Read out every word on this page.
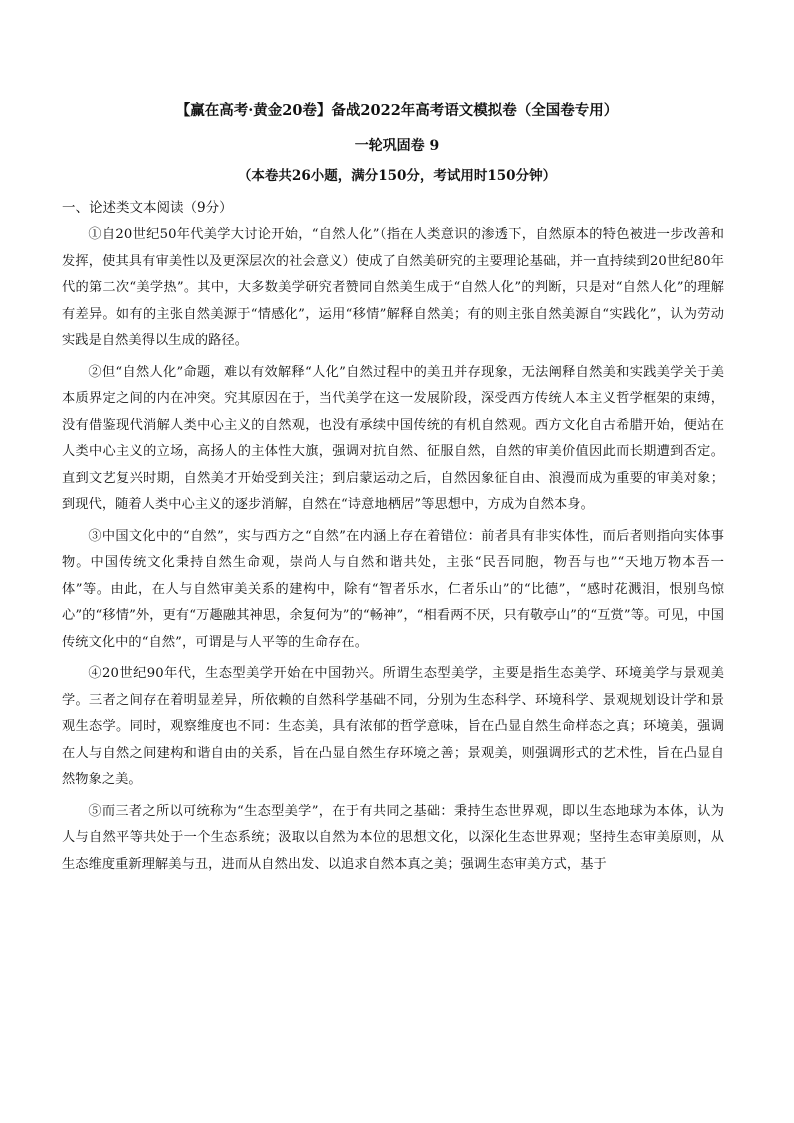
【赢在高考·黄金20卷】备战2022年高考语文模拟卷（全国卷专用）
一轮巩固卷 9
（本卷共26小题，满分150分，考试用时150分钟）
一、论述类文本阅读（9分）

①自20世纪50年代美学大讨论开始，“自然人化”（指在人类意识的渗透下，自然原本的特色被进一步改善和发挥，使其具有审美性以及更深层次的社会意义）使成了自然美研究的主要理论基础，并一直持续到20世纪80年代的第二次“美学热”。其中，大多数美学研究者赞同自然美生成于“自然人化”的判断，只是对“自然人化”的理解有差异。如有的主张自然美源于“情感化”，运用“移情”解释自然美；有的则主张自然美源自“实践化”，认为劳动实践是自然美得以生成的路径。

②但“自然人化”命题，难以有效解释“人化”自然过程中的美丑并存现象，无法阐释自然美和实践美学关于美本质界定之间的内在冲突。究其原因在于，当代美学在这一发展阶段，深受西方传统人本主义哲学框架的束缚，没有借鉴现代消解人类中心主义的自然观，也没有承续中国传统的有机自然观。西方文化自古希腊开始，便站在人类中心主义的立场，高扬人的主体性大旗，强调对抗自然、征服自然，自然的审美价值因此而长期遭到否定。直到文艺复兴时期，自然美才开始受到关注；到启蒙运动之后，自然因象征自由、浪漫而成为重要的审美对象；到现代，随着人类中心主义的逐步消解，自然在“诗意地栖居”等思想中，方成为自然本身。

③中国文化中的“自然”，实与西方之“自然”在内涵上存在着错位：前者具有非实体性，而后者则指向实体事物。中国传统文化秉持自然生命观，崇尚人与自然和谐共处，主张“民吾同胞，物吾与也”“天地万物本吾一体”等。由此，在人与自然审美关系的建构中，除有“智者乐水，仁者乐山”的“比德”，“感时花溅泪，恨别鸟惊心”的“移情”外，更有“万趣融其神思，余复何为”的“畅神”，“相看两不厌，只有敬亭山”的“互赏”等。可见，中国传统文化中的“自然”，可谓是与人平等的生命存在。

④20世纪90年代，生态型美学开始在中国勃兴。所谓生态型美学，主要是指生态美学、环境美学与景观美学。三者之间存在着明显差异，所依赖的自然科学基础不同，分别为生态科学、环境科学、景观规划设计学和景观生态学。同时，观察维度也不同：生态美，具有浓郁的哲学意味，旨在凸显自然生命样态之真；环境美，强调在人与自然之间建构和谐自由的关系，旨在凸显自然生存环境之善；景观美，则强调形式的艺术性，旨在凸显自然物象之美。

⑤而三者之所以可统称为“生态型美学”，在于有共同之基础：秉持生态世界观，即以生态地球为本体，认为人与自然平等共处于一个生态系统；汲取以自然为本位的思想文化，以深化生态世界观；坚持生态审美原则，从生态维度重新理解美与丑，进而从自然出发、以追求自然本真之美；强调生态审美方式，基于
